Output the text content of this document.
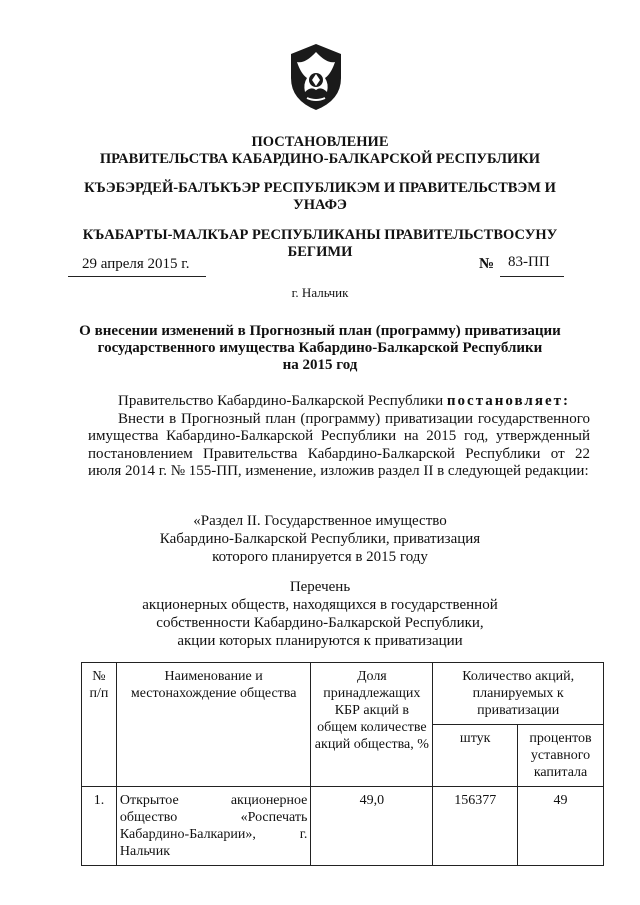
ПОСТАНОВЛЕНИЕ
ПРАВИТЕЛЬСТВА КАБАРДИНО-БАЛКАРСКОЙ РЕСПУБЛИКИ
КЪЭБЭРДЕЙ-БАЛЪКЪЭР РЕСПУБЛИКЭМ И ПРАВИТЕЛЬСТВЭМ И
УНАФЭ
КЪАБАРТЫ-МАЛКЪАР РЕСПУБЛИКАНЫ ПРАВИТЕЛЬСТВОСУНУ
БЕГИМИ
29 апреля 2015 г.	№ 83-ПП
г. Нальчик
О внесении изменений в Прогнозный план (программу) приватизации
государственного имущества Кабардино-Балкарской Республики
на 2015 год
Правительство Кабардино-Балкарской Республики постановляет:
Внести в Прогнозный план (программу) приватизации государственного имущества Кабардино-Балкарской Республики на 2015 год, утвержденный постановлением Правительства Кабардино-Балкарской Республики от 22 июля 2014 г. № 155-ПП, изменение, изложив раздел II в следующей редакции:
«Раздел II. Государственное имущество
Кабардино-Балкарской Республики, приватизация
которого планируется в 2015 году
Перечень
акционерных обществ, находящихся в государственной
собственности Кабардино-Балкарской Республики,
акции которых планируются к приватизации
№ п/п	Наименование и местонахождение общества	Доля принадлежащих КБР акций в общем количестве акций общества, %	Количество акций, планируемых к приватизации	
			штук	процентов уставного капитала
1.	Открытое акционерное общество «Роспечать Кабардино-Балкарии», г. Нальчик	49,0	156377	49
